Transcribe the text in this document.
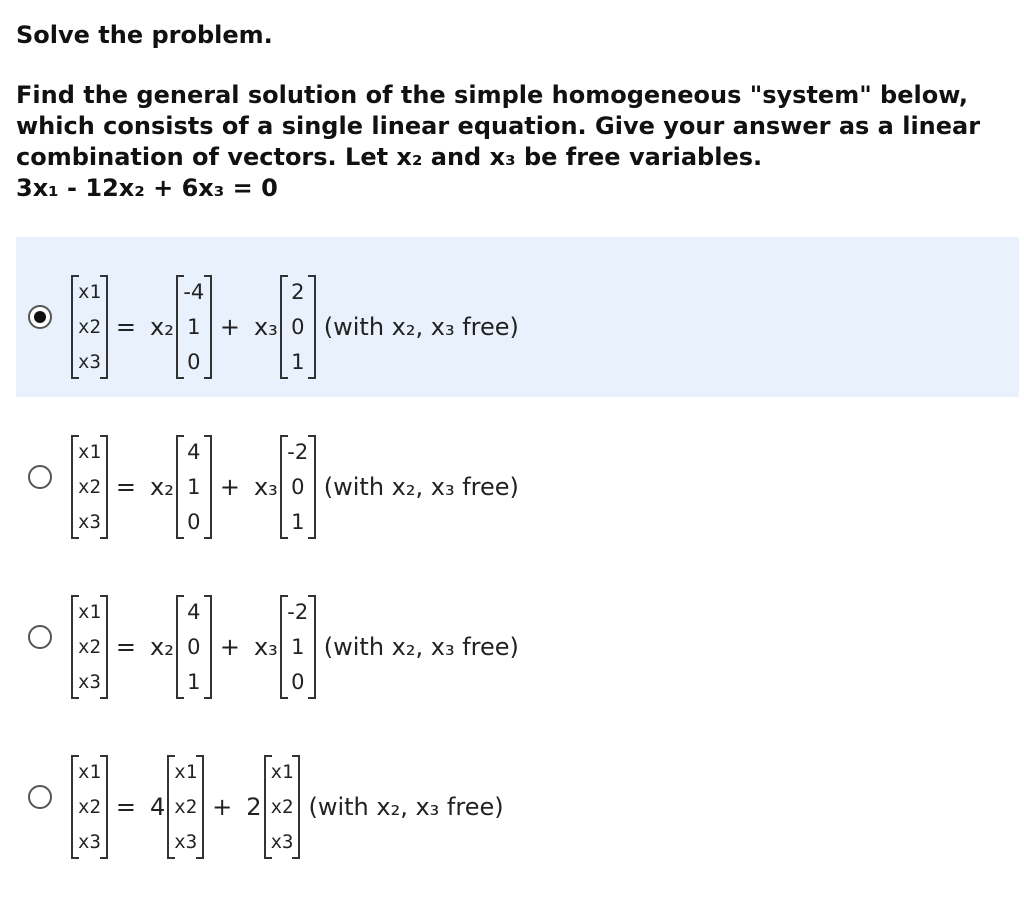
Solve the problem.
Find the general solution of the simple homogeneous "system" below, which consists of a single linear equation. Give your answer as a linear combination of vectors. Let x₂ and x₃ be free variables.
3x₁ - 12x₂ + 6x₃ = 0
x1
x2
x3
= x₂
-4
1
0
+ x₃
2
0
1
(with x₂, x₃ free)
x1
x2
x3
= x₂
4
1
0
+ x₃
-2
0
1
(with x₂, x₃ free)
x1
x2
x3
= x₂
4
0
1
+ x₃
-2
1
0
(with x₂, x₃ free)
x1
x2
x3
= 4
x1
x2
x3
+ 2
x1
x2
x3
(with x₂, x₃ free)
